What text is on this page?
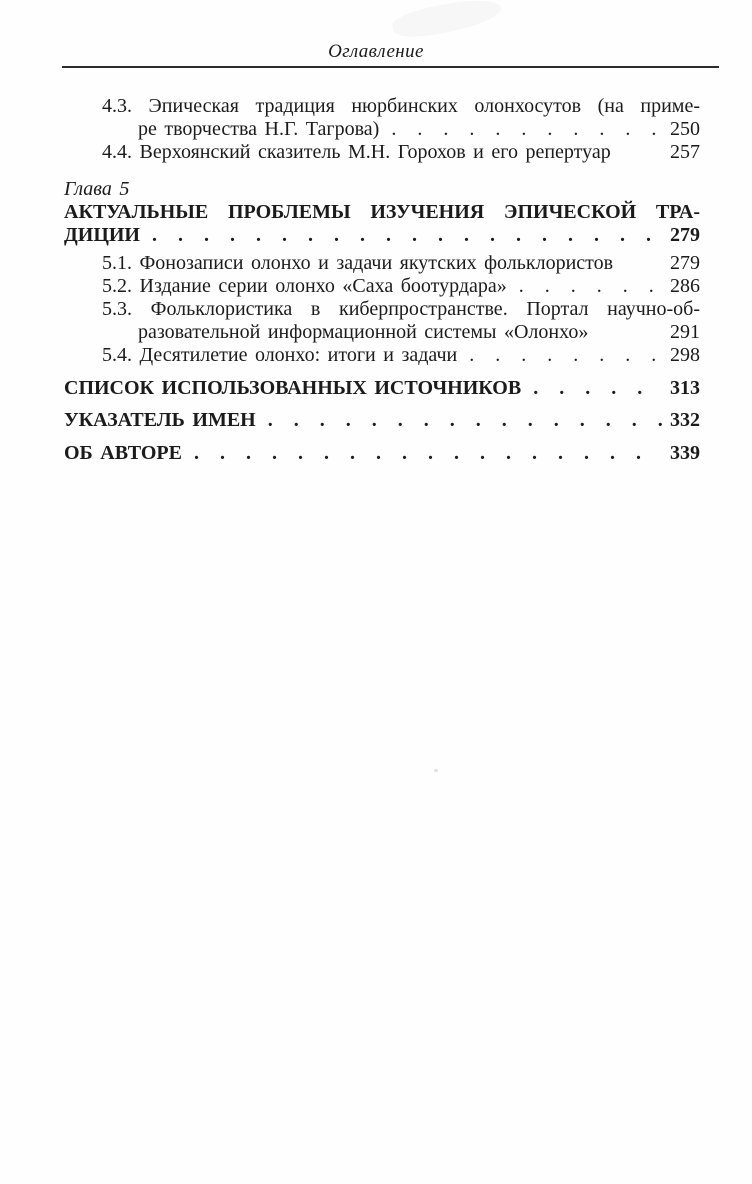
Оглавление
4.3. Эпическая традиция нюрбинских олонхосутов (на приме-
ре творчества Н.Г. Тагрова) .....	250
4.4. Верхоянский сказитель М.Н. Горохов и его репертуар	257
Глава 5
АКТУАЛЬНЫЕ ПРОБЛЕМЫ ИЗУЧЕНИЯ ЭПИЧЕСКОЙ ТРА-
ДИЦИИ .....	279
5.1. Фонозаписи олонхо и задачи якутских фольклористов	279
5.2. Издание серии олонхо «Саха боотурдара» .....	286
5.3. Фольклористика в киберпространстве. Портал научно-об-
разовательной информационной системы «Олонхо»	291
5.4. Десятилетие олонхо: итоги и задачи .....	298
СПИСОК ИСПОЛЬЗОВАННЫХ ИСТОЧНИКОВ .....	313
УКАЗАТЕЛЬ ИМЕН .....	332
ОБ АВТОРЕ .....	339
